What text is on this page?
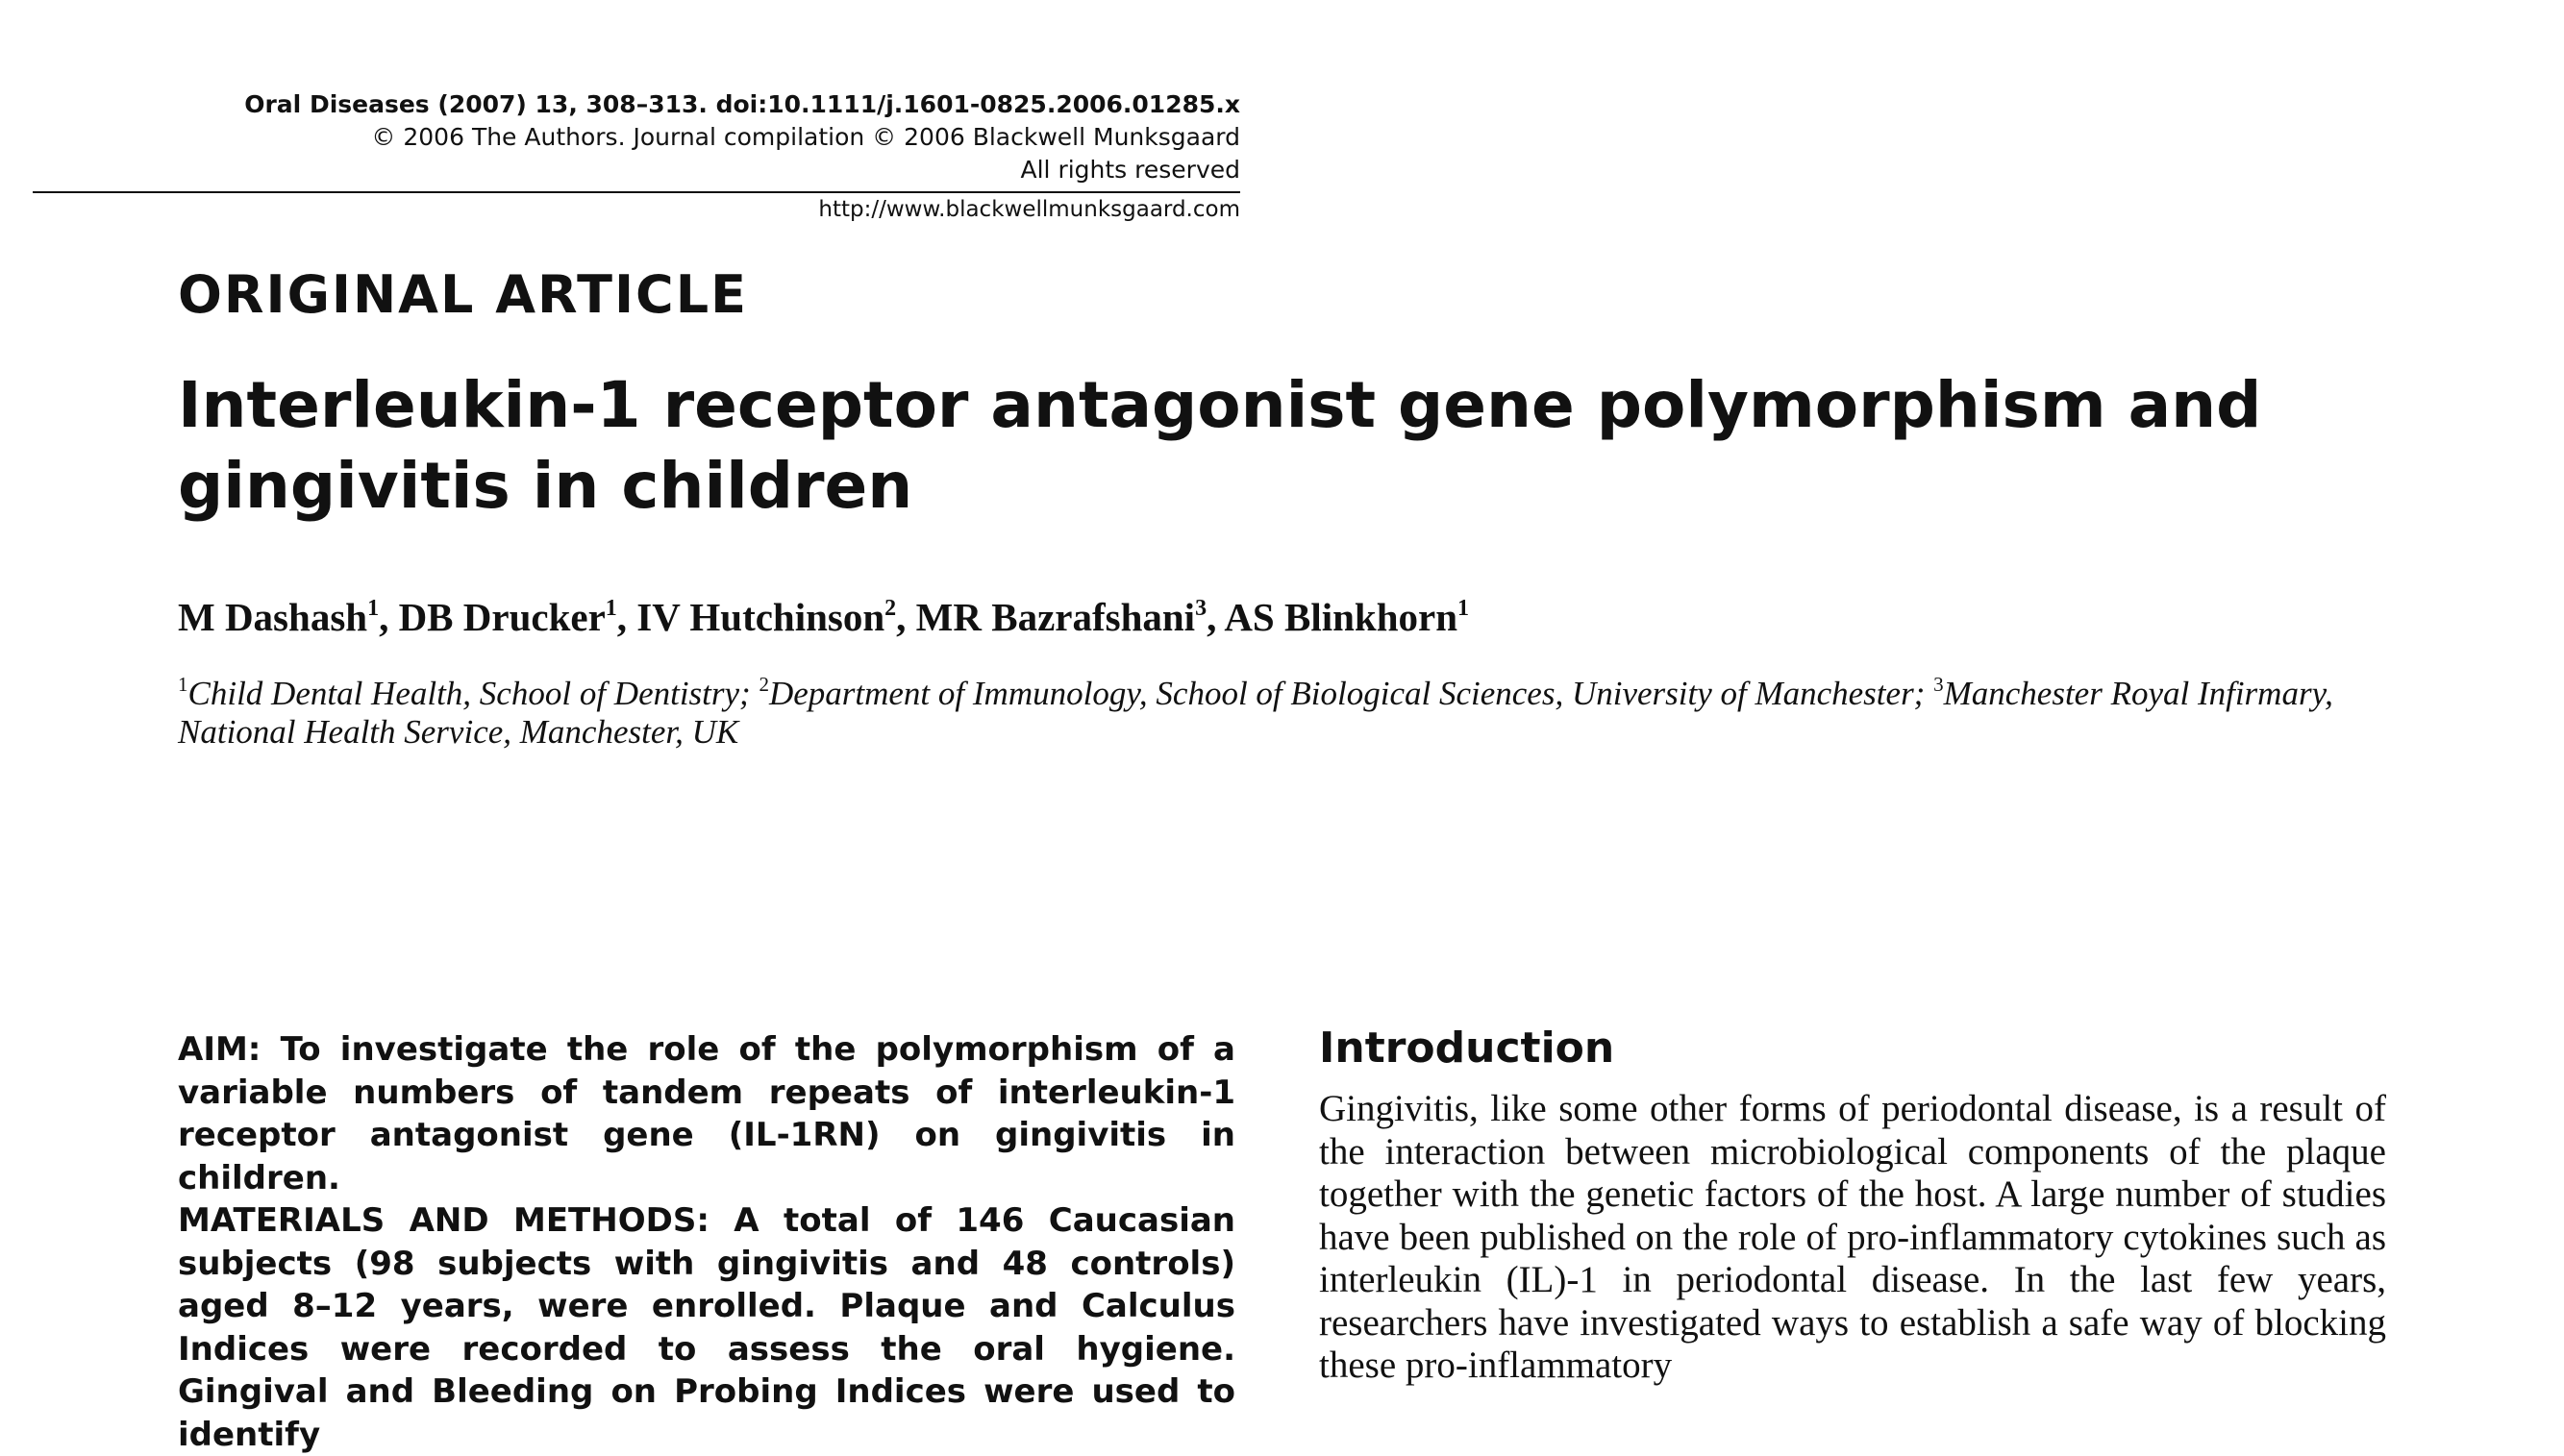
Oral Diseases (2007) 13, 308–313. doi:10.1111/j.1601-0825.2006.01285.x
© 2006 The Authors. Journal compilation © 2006 Blackwell Munksgaard
All rights reserved
http://www.blackwellmunksgaard.com
ORIGINAL ARTICLE
Interleukin-1 receptor antagonist gene polymorphism and gingivitis in children
M Dashash$^1$, DB Drucker$^1$, IV Hutchinson$^2$, MR Bazrafshani$^3$, AS Blinkhorn$^1$
$^1$Child Dental Health, School of Dentistry; $^2$Department of Immunology, School of Biological Sciences, University of Manchester; $^3$Manchester Royal Infirmary, National Health Service, Manchester, UK

AIM: To investigate the role of the polymorphism of a variable numbers of tandem repeats of interleukin-1 receptor antagonist gene (IL-1RN) on gingivitis in children.

MATERIALS AND METHODS: A total of 146 Caucasian subjects (98 subjects with gingivitis and 48 controls) aged 8–12 years, were enrolled. Plaque and Calculus Indices were recorded to assess the oral hygiene. Gingival and Bleeding on Probing Indices were used to identify

Introduction
Gingivitis, like some other forms of periodontal disease, is a result of the interaction between microbiological components of the plaque together with the genetic factors of the host. A large number of studies have been published on the role of pro-inflammatory cytokines such as interleukin (IL)-1 in periodontal disease. In the last few years, researchers have investigated ways to establish a safe way of blocking these pro-inflammatory
